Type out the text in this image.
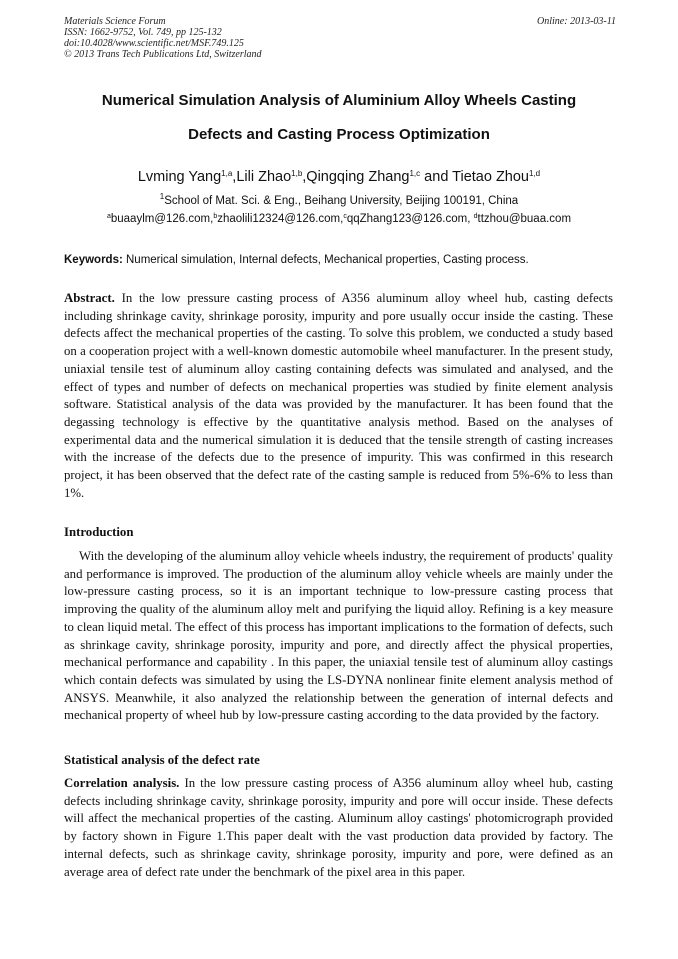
Materials Science Forum
ISSN: 1662-9752, Vol. 749, pp 125-132
doi:10.4028/www.scientific.net/MSF.749.125
© 2013 Trans Tech Publications Ltd, Switzerland
Online: 2013-03-11
Numerical Simulation Analysis of Aluminium Alloy Wheels Casting
Defects and Casting Process Optimization
Lvming Yang$^{1,a}$,Lili Zhao$^{1,b}$,Qingqing Zhang$^{1,c}$ and Tietao Zhou$^{1,d}$
$^1$School of Mat. Sci. & Eng., Beihang University, Beijing 100191, China
$^a$buaaylm@126.com,$^b$zhaolili12324@126.com,$^c$qqZhang123@126.com, $^d$ttzhou@buaa.com
Keywords: Numerical simulation, Internal defects, Mechanical properties, Casting process.
Abstract. In the low pressure casting process of A356 aluminum alloy wheel hub, casting defects including shrinkage cavity, shrinkage porosity, impurity and pore usually occur inside the casting. These defects affect the mechanical properties of the casting. To solve this problem, we conducted a study based on a cooperation project with a well-known domestic automobile wheel manufacturer. In the present study, uniaxial tensile test of aluminum alloy casting containing defects was simulated and analysed, and the effect of types and number of defects on mechanical properties was studied by finite element analysis software. Statistical analysis of the data was provided by the manufacturer. It has been found that the degassing technology is effective by the quantitative analysis method. Based on the analyses of experimental data and the numerical simulation it is deduced that the tensile strength of casting increases with the increase of the defects due to the presence of impurity. This was confirmed in this research project, it has been observed that the defect rate of the casting sample is reduced from 5%-6% to less than 1%.
Introduction
With the developing of the aluminum alloy vehicle wheels industry, the requirement of products' quality and performance is improved. The production of the aluminum alloy vehicle wheels are mainly under the low-pressure casting process, so it is an important technique to low-pressure casting process that improving the quality of the aluminum alloy melt and purifying the liquid alloy. Refining is a key measure to clean liquid metal. The effect of this process has important implications to the formation of defects, such as shrinkage cavity, shrinkage porosity, impurity and pore, and directly affect the physical properties, mechanical performance and capability . In this paper, the uniaxial tensile test of aluminum alloy castings which contain defects was simulated by using the LS-DYNA nonlinear finite element analysis method of ANSYS. Meanwhile, it also analyzed the relationship between the generation of internal defects and mechanical property of wheel hub by low-pressure casting according to the data provided by the factory.
Statistical analysis of the defect rate
Correlation analysis. In the low pressure casting process of A356 aluminum alloy wheel hub, casting defects including shrinkage cavity, shrinkage porosity, impurity and pore will occur inside. These defects will affect the mechanical properties of the casting. Aluminum alloy castings' photomicrograph provided by factory shown in Figure 1.This paper dealt with the vast production data provided by factory. The internal defects, such as shrinkage cavity, shrinkage porosity, impurity and pore, were defined as an average area of defect rate under the benchmark of the pixel area in this paper.
